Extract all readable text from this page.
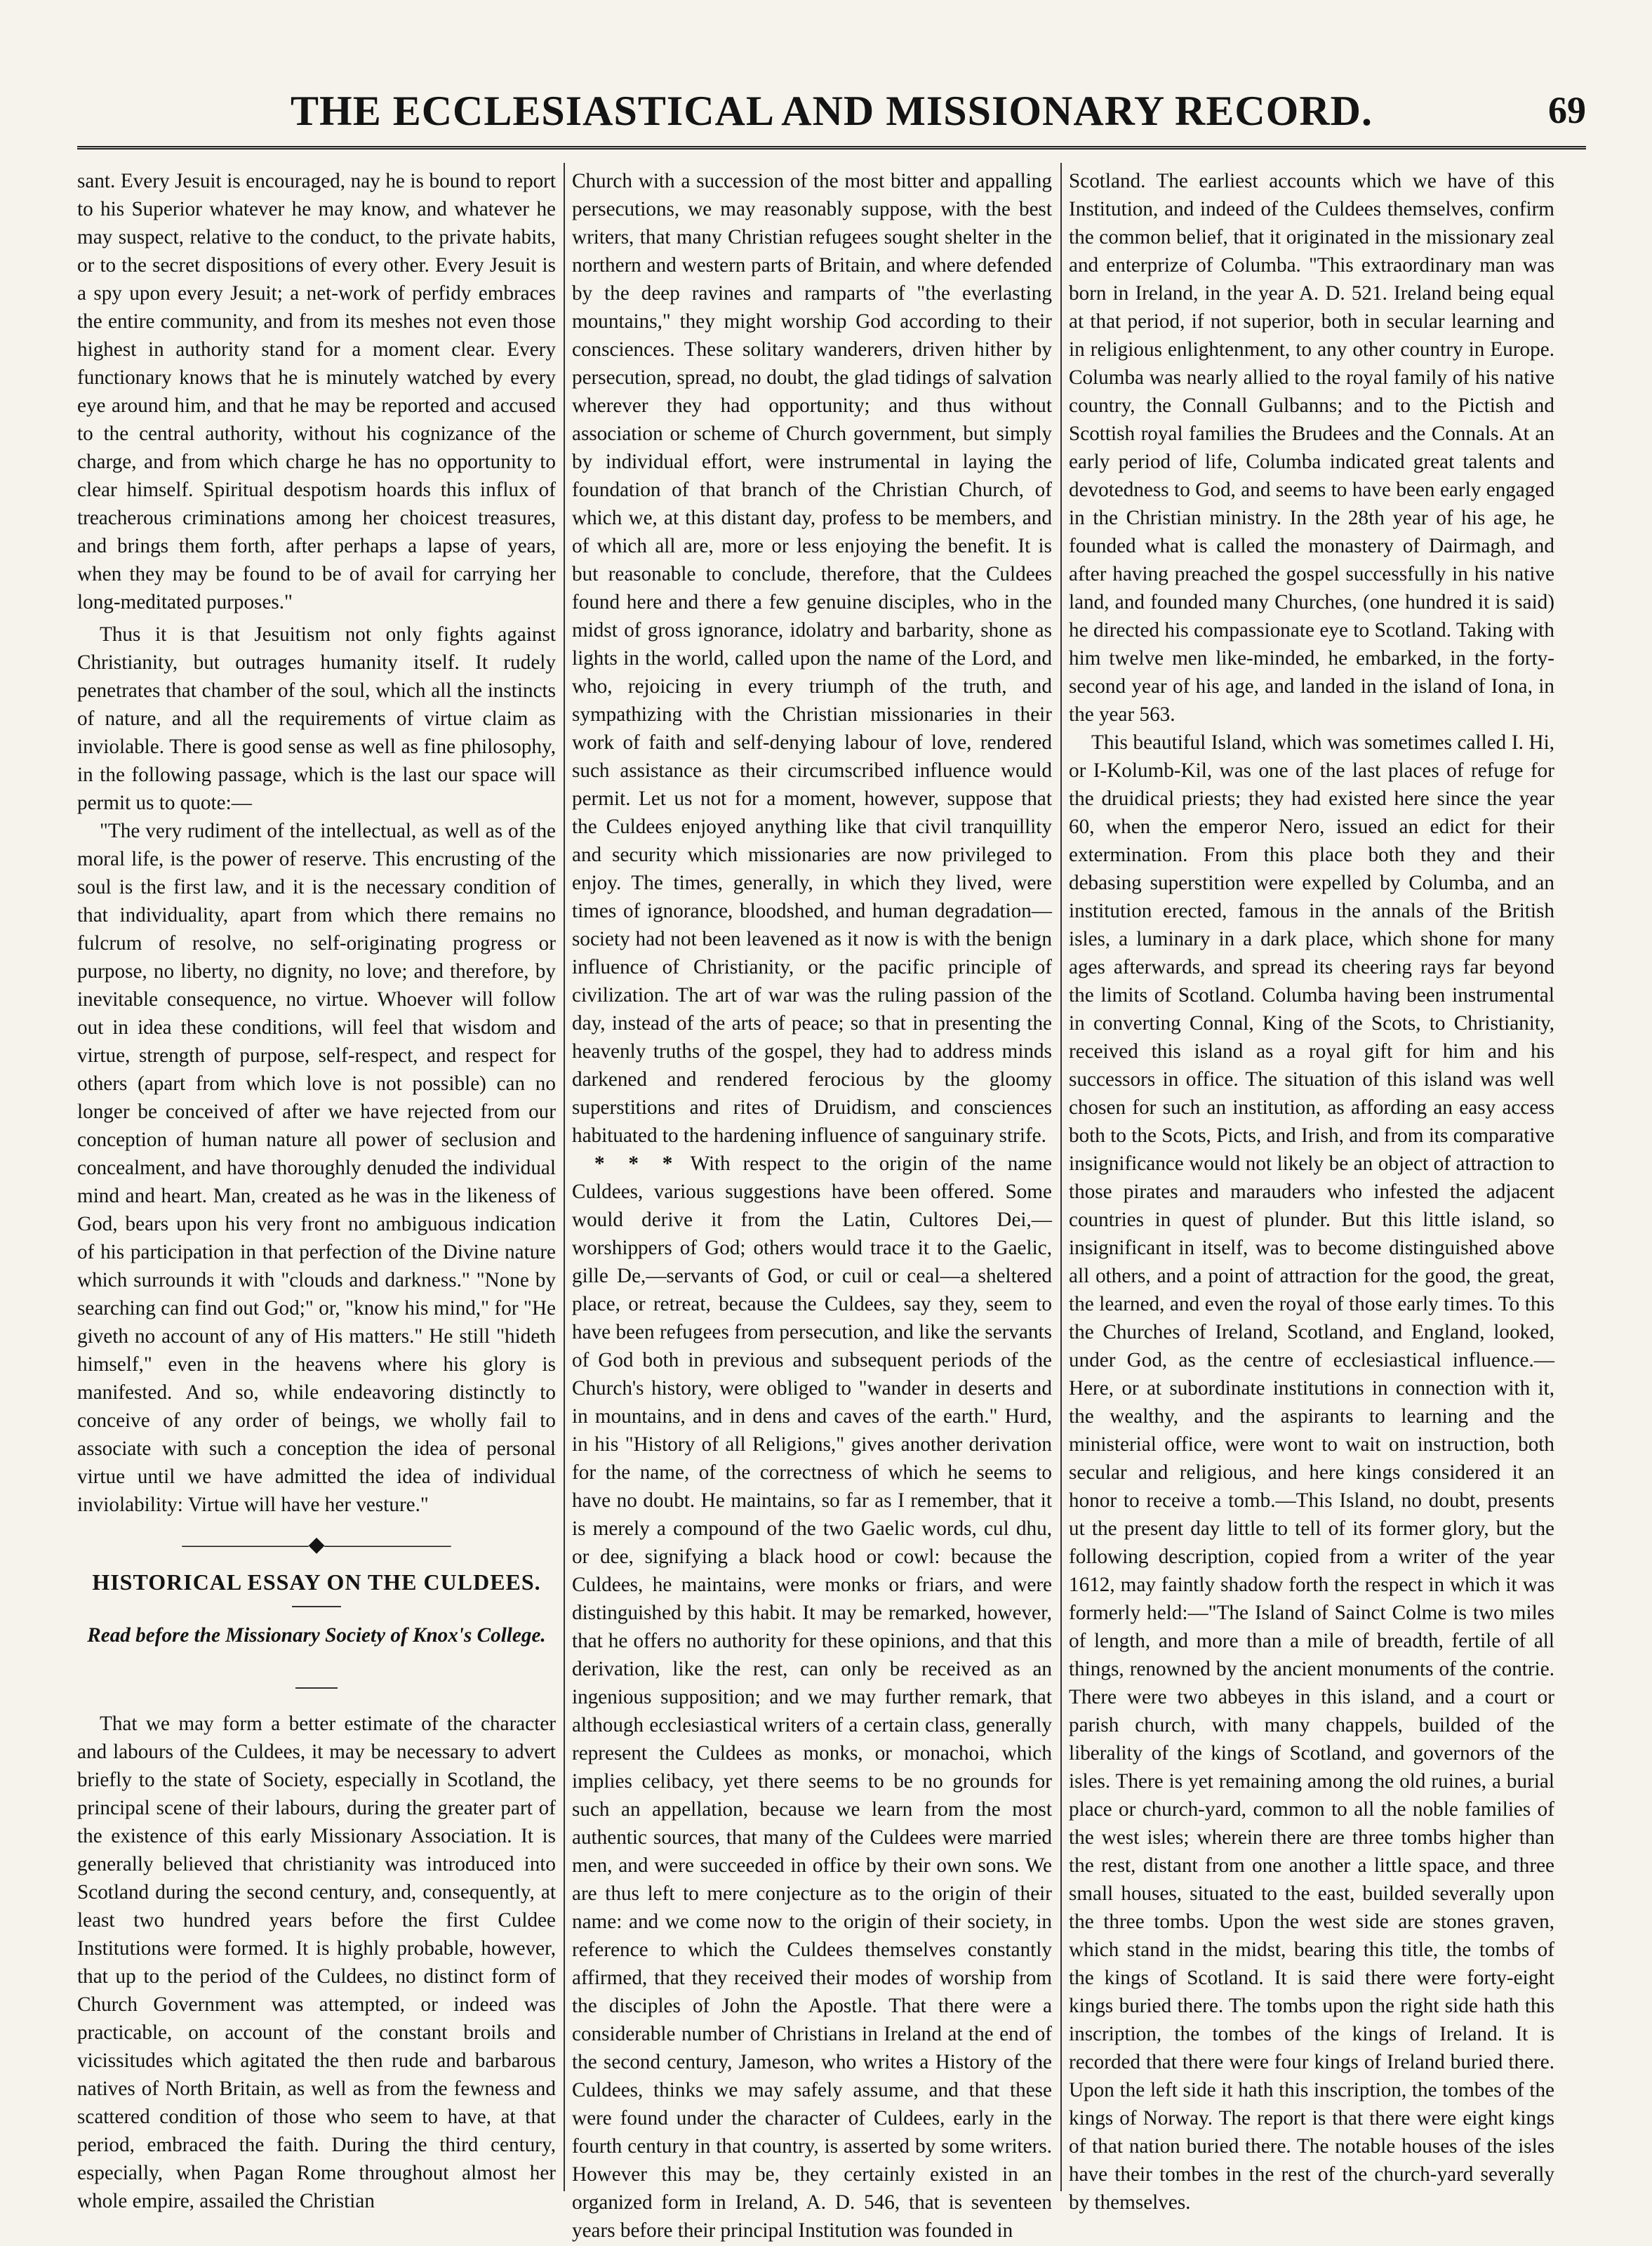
THE ECCLESIASTICAL AND MISSIONARY RECORD.	69

sant. Every Jesuit is encouraged, nay he is bound to report to his Superior whatever he may know, and whatever he may suspect, relative to the conduct, to the private habits, or to the secret dispositions of every other. Every Jesuit is a spy upon every Jesuit; a net-work of perfidy embraces the entire community, and from its meshes not even those highest in authority stand for a moment clear. Every functionary knows that he is minutely watched by every eye around him, and that he may be reported and accused to the central authority, without his cognizance of the charge, and from which charge he has no opportunity to clear himself. Spiritual despotism hoards this influx of treacherous criminations among her choicest treasures, and brings them forth, after perhaps a lapse of years, when they may be found to be of avail for carrying her long-meditated purposes."

Thus it is that Jesuitism not only fights against Christianity, but outrages humanity itself. It rudely penetrates that chamber of the soul, which all the instincts of nature, and all the requirements of virtue claim as inviolable. There is good sense as well as fine philosophy, in the following passage, which is the last our space will permit us to quote:—

"The very rudiment of the intellectual, as well as of the moral life, is the power of reserve. This encrusting of the soul is the first law, and it is the necessary condition of that individuality, apart from which there remains no fulcrum of resolve, no self-originating progress or purpose, no liberty, no dignity, no love; and therefore, by inevitable consequence, no virtue. Whoever will follow out in idea these conditions, will feel that wisdom and virtue, strength of purpose, self-respect, and respect for others (apart from which love is not possible) can no longer be conceived of after we have rejected from our conception of human nature all power of seclusion and concealment, and have thoroughly denuded the individual mind and heart. Man, created as he was in the likeness of God, bears upon his very front no ambiguous indication of his participation in that perfection of the Divine nature which surrounds it with "clouds and darkness." "None by searching can find out God;" or, "know his mind," for "He giveth no account of any of His matters." He still "hideth himself," even in the heavens where his glory is manifested. And so, while endeavoring distinctly to conceive of any order of beings, we wholly fail to associate with such a conception the idea of personal virtue until we have admitted the idea of individual inviolability: Virtue will have her vesture."

——————◆——————

HISTORICAL ESSAY ON THE CULDEES.

Read before the Missionary Society of Knox's College.

That we may form a better estimate of the character and labours of the Culdees, it may be necessary to advert briefly to the state of Society, especially in Scotland, the principal scene of their labours, during the greater part of the existence of this early Missionary Association. It is generally believed that christianity was introduced into Scotland during the second century, and, consequently, at least two hundred years before the first Culdee Institutions were formed. It is highly probable, however, that up to the period of the Culdees, no distinct form of Church Government was attempted, or indeed was practicable, on account of the constant broils and vicissitudes which agitated the then rude and barbarous natives of North Britain, as well as from the fewness and scattered condition of those who seem to have, at that period, embraced the faith. During the third century, especially, when Pagan Rome throughout almost her whole empire, assailed the Christian

Church with a succession of the most bitter and appalling persecutions, we may reasonably suppose, with the best writers, that many Christian refugees sought shelter in the northern and western parts of Britain, and where defended by the deep ravines and ramparts of "the everlasting mountains," they might worship God according to their consciences. These solitary wanderers, driven hither by persecution, spread, no doubt, the glad tidings of salvation wherever they had opportunity; and thus without association or scheme of Church government, but simply by individual effort, were instrumental in laying the foundation of that branch of the Christian Church, of which we, at this distant day, profess to be members, and of which all are, more or less enjoying the benefit. It is but reasonable to conclude, therefore, that the Culdees found here and there a few genuine disciples, who in the midst of gross ignorance, idolatry and barbarity, shone as lights in the world, called upon the name of the Lord, and who, rejoicing in every triumph of the truth, and sympathizing with the Christian missionaries in their work of faith and self-denying labour of love, rendered such assistance as their circumscribed influence would permit. Let us not for a moment, however, suppose that the Culdees enjoyed anything like that civil tranquillity and security which missionaries are now privileged to enjoy. The times, generally, in which they lived, were times of ignorance, bloodshed, and human degradation—society had not been leavened as it now is with the benign influence of Christianity, or the pacific principle of civilization. The art of war was the ruling passion of the day, instead of the arts of peace; so that in presenting the heavenly truths of the gospel, they had to address minds darkened and rendered ferocious by the gloomy superstitions and rites of Druidism, and consciences habituated to the hardening influence of sanguinary strife.

* * * With respect to the origin of the name Culdees, various suggestions have been offered. Some would derive it from the Latin, Cultores Dei,—worshippers of God; others would trace it to the Gaelic, gille De,—servants of God, or cuil or ceal—a sheltered place, or retreat, because the Culdees, say they, seem to have been refugees from persecution, and like the servants of God both in previous and subsequent periods of the Church's history, were obliged to "wander in deserts and in mountains, and in dens and caves of the earth." Hurd, in his "History of all Religions," gives another derivation for the name, of the correctness of which he seems to have no doubt. He maintains, so far as I remember, that it is merely a compound of the two Gaelic words, cul dhu, or dee, signifying a black hood or cowl: because the Culdees, he maintains, were monks or friars, and were distinguished by this habit. It may be remarked, however, that he offers no authority for these opinions, and that this derivation, like the rest, can only be received as an ingenious supposition; and we may further remark, that although ecclesiastical writers of a certain class, generally represent the Culdees as monks, or monachoi, which implies celibacy, yet there seems to be no grounds for such an appellation, because we learn from the most authentic sources, that many of the Culdees were married men, and were succeeded in office by their own sons. We are thus left to mere conjecture as to the origin of their name: and we come now to the origin of their society, in reference to which the Culdees themselves constantly affirmed, that they received their modes of worship from the disciples of John the Apostle. That there were a considerable number of Christians in Ireland at the end of the second century, Jameson, who writes a History of the Culdees, thinks we may safely assume, and that these were found under the character of Culdees, early in the fourth century in that country, is asserted by some writers. However this may be, they certainly existed in an organized form in Ireland, A. D. 546, that is seventeen years before their principal Institution was founded in

Scotland. The earliest accounts which we have of this Institution, and indeed of the Culdees themselves, confirm the common belief, that it originated in the missionary zeal and enterprize of Columba. "This extraordinary man was born in Ireland, in the year A. D. 521. Ireland being equal at that period, if not superior, both in secular learning and in religious enlightenment, to any other country in Europe. Columba was nearly allied to the royal family of his native country, the Connall Gulbanns; and to the Pictish and Scottish royal families the Brudees and the Connals. At an early period of life, Columba indicated great talents and devotedness to God, and seems to have been early engaged in the Christian ministry. In the 28th year of his age, he founded what is called the monastery of Dairmagh, and after having preached the gospel successfully in his native land, and founded many Churches, (one hundred it is said) he directed his compassionate eye to Scotland. Taking with him twelve men like-minded, he embarked, in the forty-second year of his age, and landed in the island of Iona, in the year 563.

This beautiful Island, which was sometimes called I. Hi, or I-Kolumb-Kil, was one of the last places of refuge for the druidical priests; they had existed here since the year 60, when the emperor Nero, issued an edict for their extermination. From this place both they and their debasing superstition were expelled by Columba, and an institution erected, famous in the annals of the British isles, a luminary in a dark place, which shone for many ages afterwards, and spread its cheering rays far beyond the limits of Scotland. Columba having been instrumental in converting Connal, King of the Scots, to Christianity, received this island as a royal gift for him and his successors in office. The situation of this island was well chosen for such an institution, as affording an easy access both to the Scots, Picts, and Irish, and from its comparative insignificance would not likely be an object of attraction to those pirates and marauders who infested the adjacent countries in quest of plunder. But this little island, so insignificant in itself, was to become distinguished above all others, and a point of attraction for the good, the great, the learned, and even the royal of those early times. To this the Churches of Ireland, Scotland, and England, looked, under God, as the centre of ecclesiastical influence.—Here, or at subordinate institutions in connection with it, the wealthy, and the aspirants to learning and the ministerial office, were wont to wait on instruction, both secular and religious, and here kings considered it an honor to receive a tomb.—This Island, no doubt, presents ut the present day little to tell of its former glory, but the following description, copied from a writer of the year 1612, may faintly shadow forth the respect in which it was formerly held:—"The Island of Sainct Colme is two miles of length, and more than a mile of breadth, fertile of all things, renowned by the ancient monuments of the contrie. There were two abbeyes in this island, and a court or parish church, with many chappels, builded of the liberality of the kings of Scotland, and governors of the isles. There is yet remaining among the old ruines, a burial place or church-yard, common to all the noble families of the west isles; wherein there are three tombs higher than the rest, distant from one another a little space, and three small houses, situated to the east, builded severally upon the three tombs. Upon the west side are stones graven, which stand in the midst, bearing this title, the tombs of the kings of Scotland. It is said there were forty-eight kings buried there. The tombs upon the right side hath this inscription, the tombes of the kings of Ireland. It is recorded that there were four kings of Ireland buried there. Upon the left side it hath this inscription, the tombes of the kings of Norway. The report is that there were eight kings of that nation buried there. The notable houses of the isles have their tombes in the rest of the church-yard severally by themselves.
